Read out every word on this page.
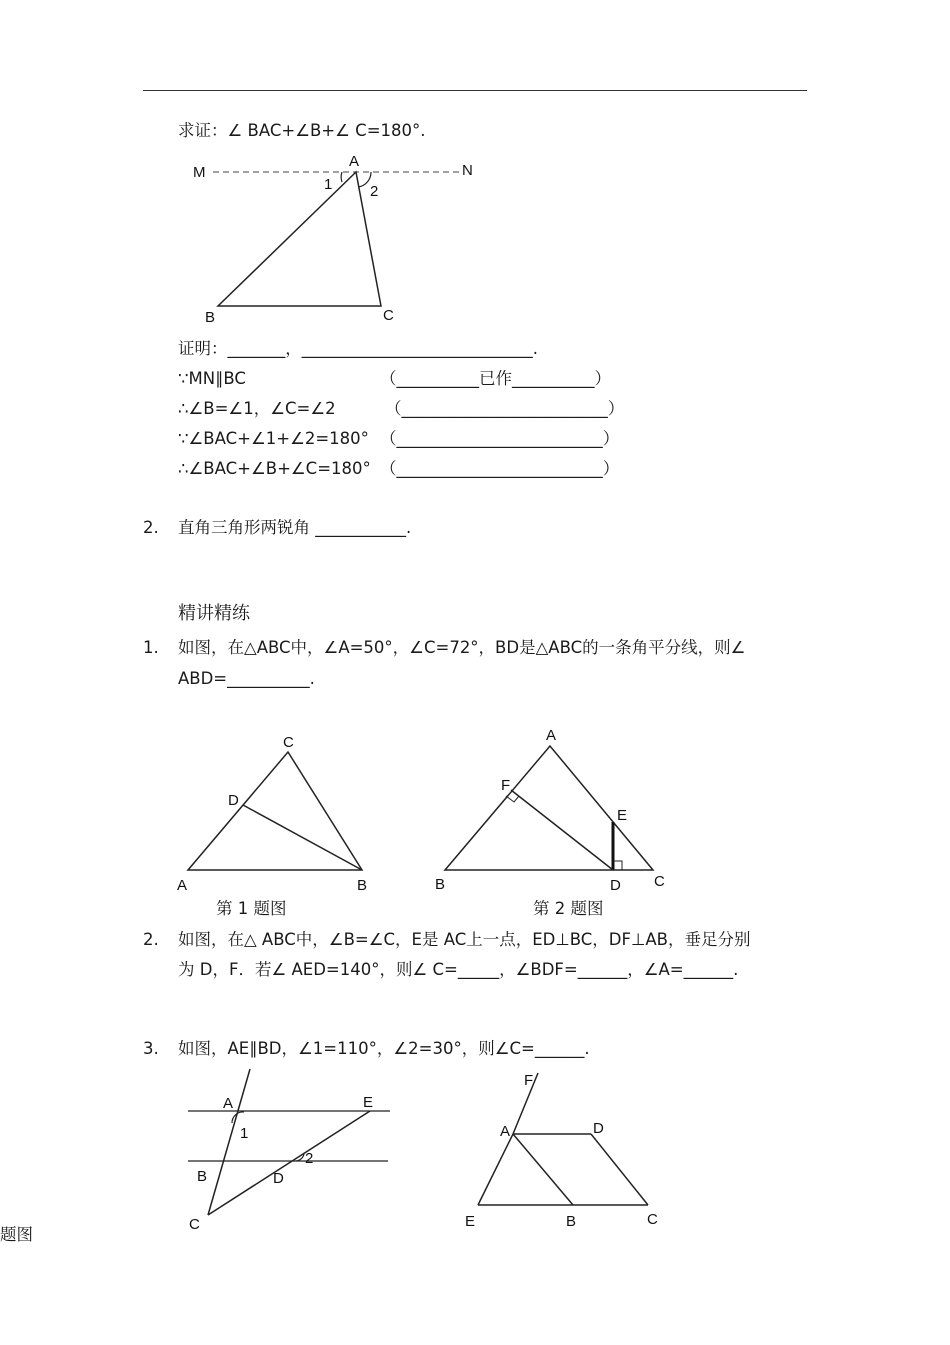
求证：∠ BAC+∠B+∠ C=180°.
M	N
A
B	C
1	2
证明：_______，____________________________.
∵MN∥BC	（__________已作__________）
∴∠B=∠1，∠C=∠2	（_________________________）
∵∠BAC+∠1+∠2=180° （_________________________）
∴∠BAC+∠B+∠C=180° （_________________________）
2. 直角三角形两锐角 ___________.
精讲精练
1. 如图，在△ABC中，∠A=50°，∠C=72°，BD是△ABC的一条角平分线，则∠
ABD=__________.
C
D
A	B
第 1 题图
A
F
E
B	D C
第 2 题图
2. 如图，在△ ABC中，∠B=∠C，E是 AC上一点，ED⊥BC，DF⊥AB，垂足分别
为 D，F．若∠ AED=140°，则∠ C=_____，∠BDF=______，∠A=______.
3. 如图，AE∥BD，∠1=110°，∠2=30°，则∠C=______.
A	E
1
2
B	D
C
F
A	D
E	B	C
题图
